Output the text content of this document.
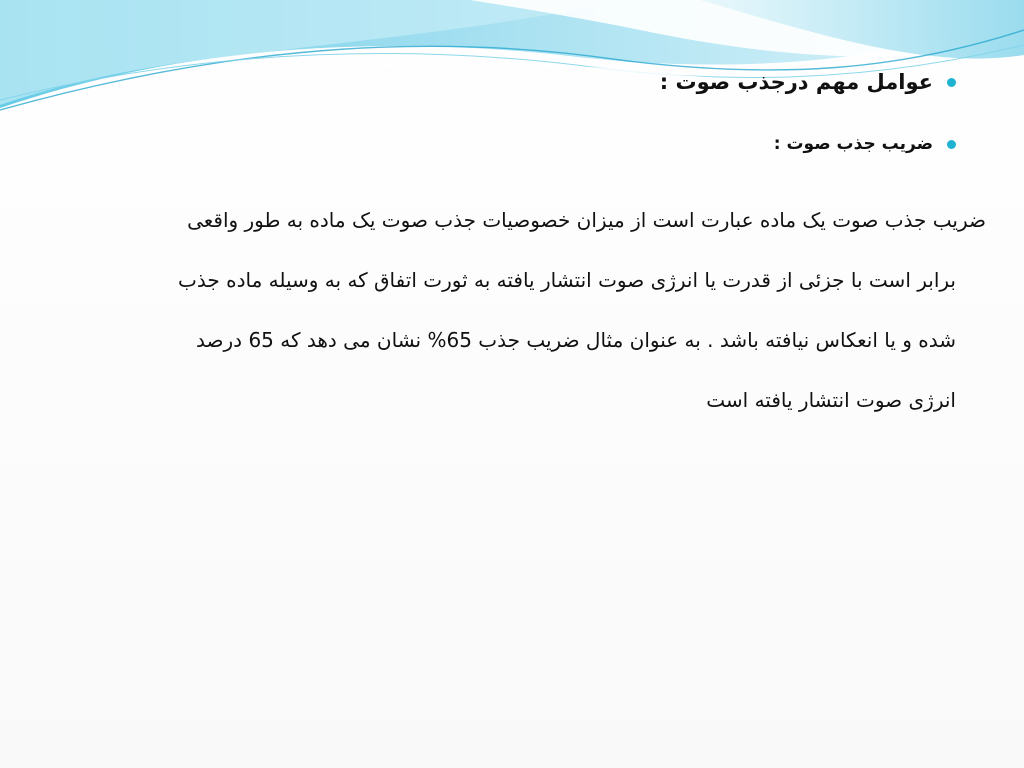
عوامل مهم درجذب صوت :
ضریب جذب صوت :
ضریب جذب صوت یک ماده عبارت است از میزان خصوصیات جذب صوت یک ماده به طور واقعی
برابر است با جزئی از قدرت یا انرژی صوت انتشار یافته به ثورت اتفاق که به وسیله ماده جذب
شده و یا انعکاس نیافته باشد . به عنوان مثال ضریب جذب 65% نشان می دهد که 65 درصد
انرژی صوت انتشار یافته است
